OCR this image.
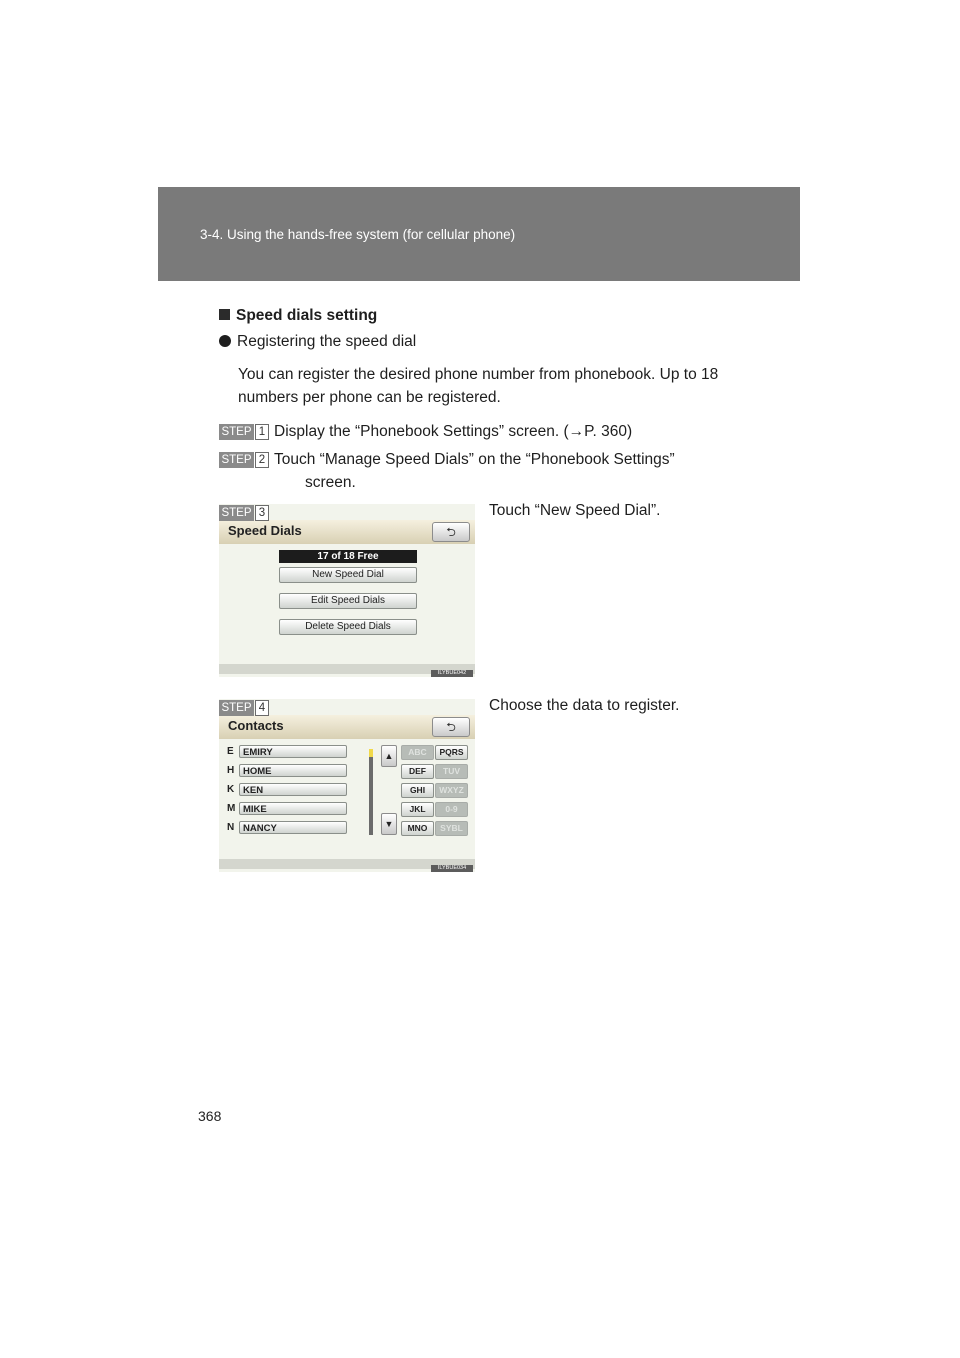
3-4. Using the hands-free system (for cellular phone)
Speed dials setting
Registering the speed dial
You can register the desired phone number from phonebook. Up to 18
numbers per phone can be registered.
STEP 1 Display the “Phonebook Settings” screen. (→P. 360)
STEP 2 Touch “Manage Speed Dials” on the “Phonebook Settings”
screen.
Speed Dials	⮌
17 of 18 Free
New Speed Dial
Edit Speed Dials
Delete Speed Dials
ILYBUE042
STEP 3	Touch “New Speed Dial”.
Contacts	⮌
E EMIRY
H HOME
K KEN
M MIKE
N NANCY
▲
▼
ABC
DEF
GHI
JKL
MNO
PQRS
TUV
WXYZ
0-9
SYBL
ILYBUE034
STEP 4	Choose the data to register.
368
